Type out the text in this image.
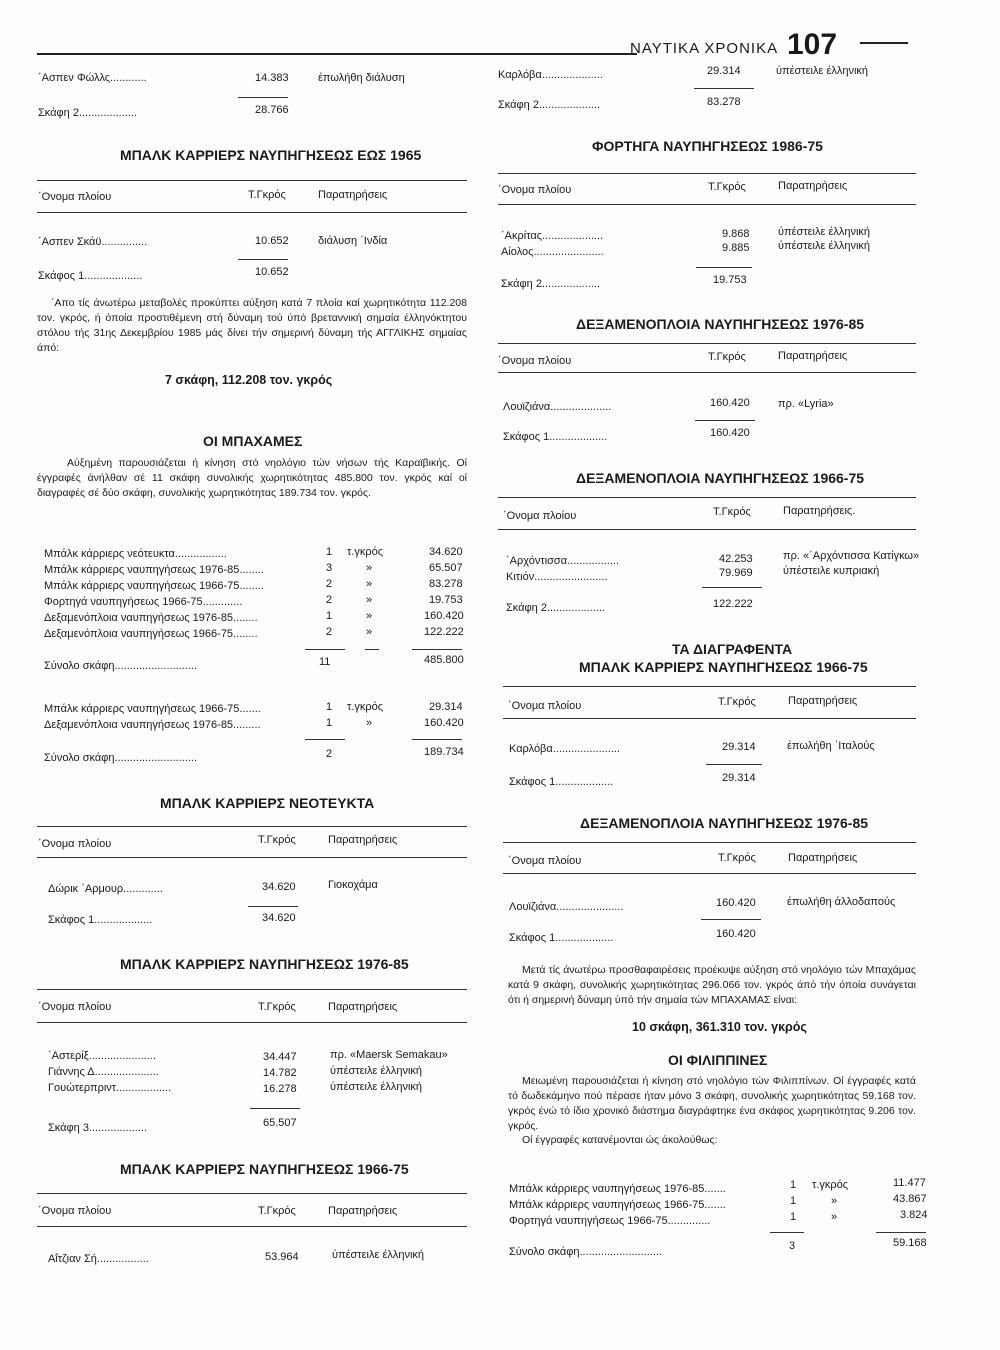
ΝΑΥΤΙΚΑ ΧΡΟΝΙΚΑ 107
΄Ασπεν Φώλλς............	14.383	έπωλήθη διάλυση
Σκάφη 2...................	28.766
ΜΠΑΛΚ ΚΑΡΡΙΕΡΣ ΝΑΥΠΗΓΗΣΕΩΣ ΕΩΣ 1965
΄Ονομα πλοίου	Τ.Γκρός	Παρατηρήσεις
΄Ασπεν Σκάϋ...............	10.652	διάλυση ΄Ινδία
Σκάφος 1...................	10.652
΄Απο τίς άνωτέρω μεταβολές προκύπτει αύξηση κατά 7 πλοία καί χωρητικότητα 112.208 τον. γκρός, ή όποία προστιθέμενη στή δύναμη τού ύπό βρεταννική σημαία έλληνόκτητου στόλου τής 31ης Δεκεμβρίου 1985 μάς δίνει τήν σημερινή δύναμη τής ΑΓΓΛΙΚΗΣ σημαίας άπό:
7 σκάφη, 112.208 τον. γκρός
ΟΙ ΜΠΑΧΑΜΕΣ
Αύξημένη παρουσιάζεται ή κίνηση στό νηολόγιο τών νήσων τής Καραϊβικής. Οί έγγραφές άνήλθαν σέ 11 σκάφη συνολικής χωρητικότητας 485.800 τον. γκρός καί οί διαγραφές σέ δύο σκάφη, συνολικής χωρητικότητας 189.734 τον. γκρός.
Μπάλκ κάρριερς νεότευκτα.................	1 τ.γκρός	34.620
Μπάλκ κάρριερς ναυπηγήσεως 1976-85........	3	»	65.507
Μπάλκ κάρριερς ναυπηγήσεως 1966-75........	2	»	83.278
Φορτηγά ναυπηγήσεως 1966-75.............	2	»	19.753
Δεξαμενόπλοια ναυπηγήσεως 1976-85........	1	»	160.420
Δεξαμενόπλοια ναυπηγήσεως 1966-75........	2	»	122.222
Σύνολο σκάφη...........................	11	485.800
Μπάλκ κάρριερς ναυπηγήσεως 1966-75.......	1 τ.γκρός	29.314
Δεξαμενόπλοια ναυπηγήσεως 1976-85.........	1	»	160.420
Σύνολο σκάφη...........................	2	189.734
ΜΠΑΛΚ ΚΑΡΡΙΕΡΣ ΝΕΟΤΕΥΚΤΑ
΄Ονομα πλοίου	Τ.Γκρός	Παρατηρήσεις
Δώρικ ΄Αρμουρ.............	34.620	Γιοκοχάμα
Σκάφος 1...................	34.620
ΜΠΑΛΚ ΚΑΡΡΙΕΡΣ ΝΑΥΠΗΓΗΣΕΩΣ 1976-85
΄Ονομα πλοίου	Τ.Γκρός	Παρατηρήσεις
΄Αστερίξ......................	34.447	πρ. «Maersk Semakau»
Γιάννης Δ.....................	14.782	ύπέστειλε έλληνική
Γουώτερπριντ..................	16.278	ύπέστειλε έλληνική
Σκάφη 3...................	65.507
ΜΠΑΛΚ ΚΑΡΡΙΕΡΣ ΝΑΥΠΗΓΗΣΕΩΣ 1966-75
΄Ονομα πλοίου	Τ.Γκρός	Παρατηρήσεις
Αΐτζιαν Σή.................	53.964	ύπέστειλε έλληνική
Καρλόβα....................	29.314	ύπέστειλε έλληνική
Σκάφη 2....................	83.278
ΦΟΡΤΗΓΑ ΝΑΥΠΗΓΗΣΕΩΣ 1986-75
΄Ονομα πλοίου	Τ.Γκρός	Παρατηρήσεις
΄Ακρίτας....................	9.868	ύπέστειλε έλληνική
Αίολος.......................	9.885	ύπέστειλε έλληνική
Σκάφη 2...................	19.753
ΔΕΞΑΜΕΝΟΠΛΟΙΑ ΝΑΥΠΗΓΗΣΕΩΣ 1976-85
΄Ονομα πλοίου	Τ.Γκρός	Παρατηρήσεις
Λουϊζιάνα....................	160.420	πρ. «Lyria»
Σκάφος 1...................	160.420
ΔΕΞΑΜΕΝΟΠΛΟΙΑ ΝΑΥΠΗΓΗΣΕΩΣ 1966-75
΄Ονομα πλοίου	Τ.Γκρός	Παρατηρήσεις.
΄Αρχόντισσα.................	42.253	πρ. «΄Αρχόντισσα Κατίγκω»
Κιτιόν........................	79.969	ύπέστειλε κυπριακή
Σκάφη 2...................	122.222
ΤΑ ΔΙΑΓΡΑΦΕΝΤΑ
ΜΠΑΛΚ ΚΑΡΡΙΕΡΣ ΝΑΥΠΗΓΗΣΕΩΣ 1966-75
΄Ονομα πλοίου	Τ.Γκρός	Παρατηρήσεις
Καρλόβα......................	29.314	έπωλήθη ΄Ιταλούς
Σκάφος 1...................	29.314
ΔΕΞΑΜΕΝΟΠΛΟΙΑ ΝΑΥΠΗΓΗΣΕΩΣ 1976-85
΄Ονομα πλοίου	Τ.Γκρός	Παρατηρήσεις
Λουϊζιάνα......................	160.420	έπωλήθη άλλοδαπούς
Σκάφος 1...................	160.420
Μετά τίς άνωτέρω προσθαφαιρέσεις προέκυψε αύξηση στό νηολόγιο τών Μπαχάμας κατά 9 σκάφη, συνολικής χωρητικότητας 296.066 τον. γκρός άπό τήν όποία συνάγεται ότι ή σημερινή δύναμη ύπό τήν σημαία τών ΜΠΑΧΑΜΑΣ είναι:
10 σκάφη, 361.310 τον. γκρός
ΟΙ ΦΙΛΙΠΠΙΝΕΣ
Μειωμένη παρουσιάζεται ή κίνηση στό νηολόγιο τών Φιλιππίνων. Οί έγγραφές κατά τό δωδεκάμηνο πού πέρασε ήταν μόνο 3 σκάφη, συνολικής χωρητικότητας 59.168 τον. γκρός ένώ τό ίδιο χρονικό διάστημα διαγράφτηκε ένα σκάφος χωρητικότητας 9.206 τον. γκρός.
Οί έγγραφές κατανέμονται ώς άκολούθως:
Μπάλκ κάρριερς ναυπηγήσεως 1976-85.......	1 τ.γκρός	11.477
Μπάλκ κάρριερς ναυπηγήσεως 1966-75.......	1	»	43.867
Φορτηγά ναυπηγήσεως 1966-75..............	1	»	3.824
Σύνολο σκάφη...........................	3	59.168
